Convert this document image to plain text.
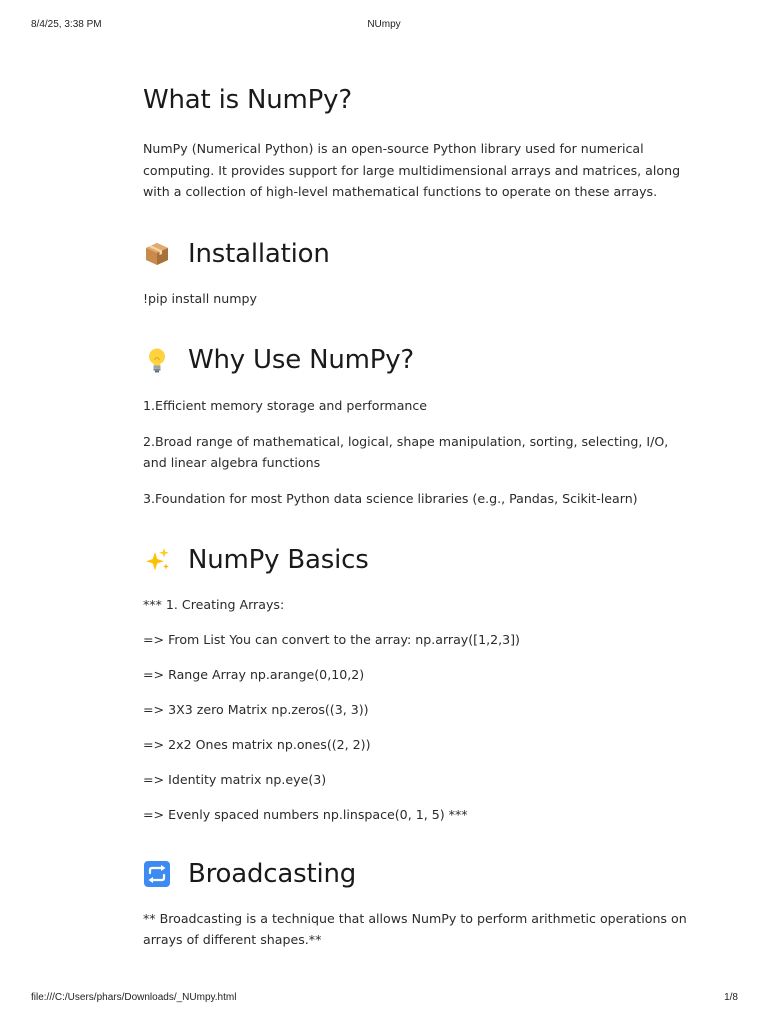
8/4/25, 3:38 PM	NUmpy
What is NumPy?

NumPy (Numerical Python) is an open-source Python library used for numerical computing. It provides support for large multidimensional arrays and matrices, along with a collection of high-level mathematical functions to operate on these arrays.

Installation

!pip install numpy

Why Use NumPy?

1.Efficient memory storage and performance

2.Broad range of mathematical, logical, shape manipulation, sorting, selecting, I/O, and linear algebra functions

3.Foundation for most Python data science libraries (e.g., Pandas, Scikit-learn)

NumPy Basics

*** 1. Creating Arrays:

=> From List You can convert to the array: np.array([1,2,3])

=> Range Array np.arange(0,10,2)

=> 3X3 zero Matrix np.zeros((3, 3))

=> 2x2 Ones matrix np.ones((2, 2))

=> Identity matrix np.eye(3)

=> Evenly spaced numbers np.linspace(0, 1, 5) ***

Broadcasting

** Broadcasting is a technique that allows NumPy to perform arithmetic operations on arrays of different shapes.**

file:///C:/Users/phars/Downloads/_NUmpy.html	1/8
